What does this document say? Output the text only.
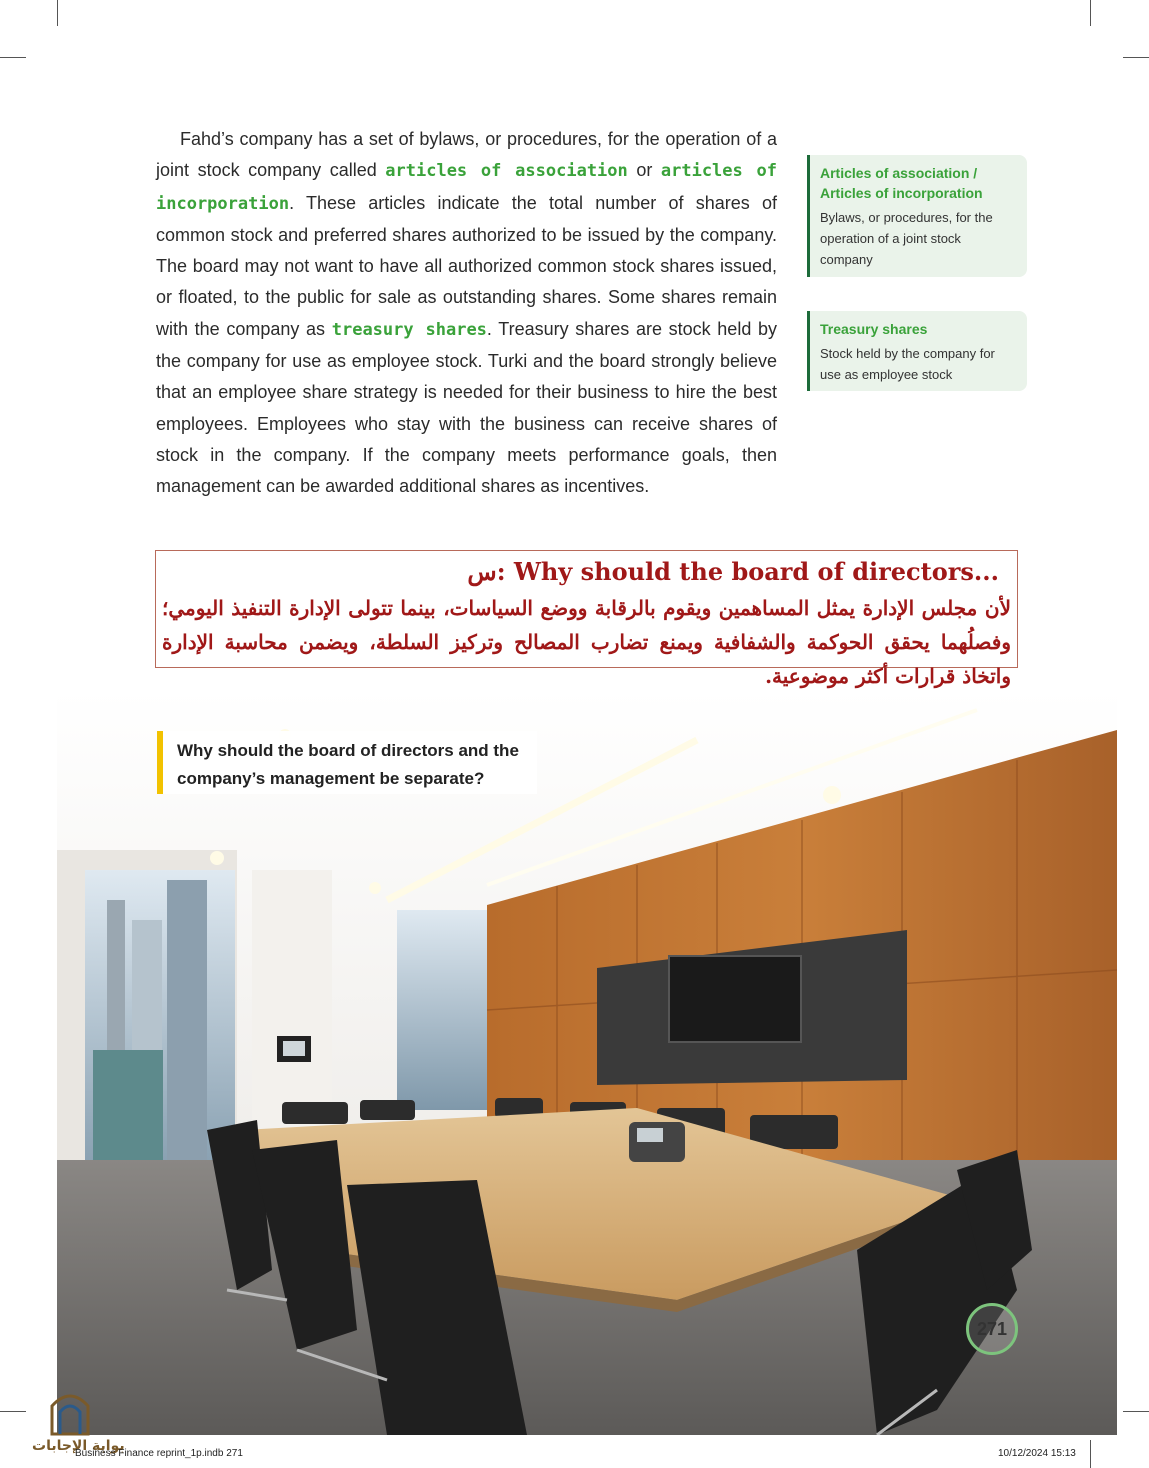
Fahd’s company has a set of bylaws, or procedures, for the operation of a joint stock company called articles of association or articles of incorporation. These articles indicate the total number of shares of common stock and preferred shares authorized to be issued by the company. The board may not want to have all authorized common stock shares issued, or floated, to the public for sale as outstanding shares. Some shares remain with the company as treasury shares. Treasury shares are stock held by the company for use as employee stock. Turki and the board strongly believe that an employee share strategy is needed for their business to hire the best employees. Employees who stay with the business can receive shares of stock in the company. If the company meets performance goals, then management can be awarded additional shares as incentives.
Articles of association / Articles of incorporation
Bylaws, or procedures, for the operation of a joint stock company
Treasury shares
Stock held by the company for use as employee stock
س: Why should the board of directors...
لأن مجلس الإدارة يمثل المساهمين ويقوم بالرقابة ووضع السياسات، بينما تتولى الإدارة التنفيذ اليومي؛ وفصلُهما يحقق الحوكمة والشفافية ويمنع تضارب المصالح وتركيز السلطة، ويضمن محاسبة الإدارة واتخاذ قرارات أكثر موضوعية.
Why should the board of directors and the company’s management be separate?
271
بوابة الإجابات
Business Finance reprint_1p.indb 271	10/12/2024 15:13
